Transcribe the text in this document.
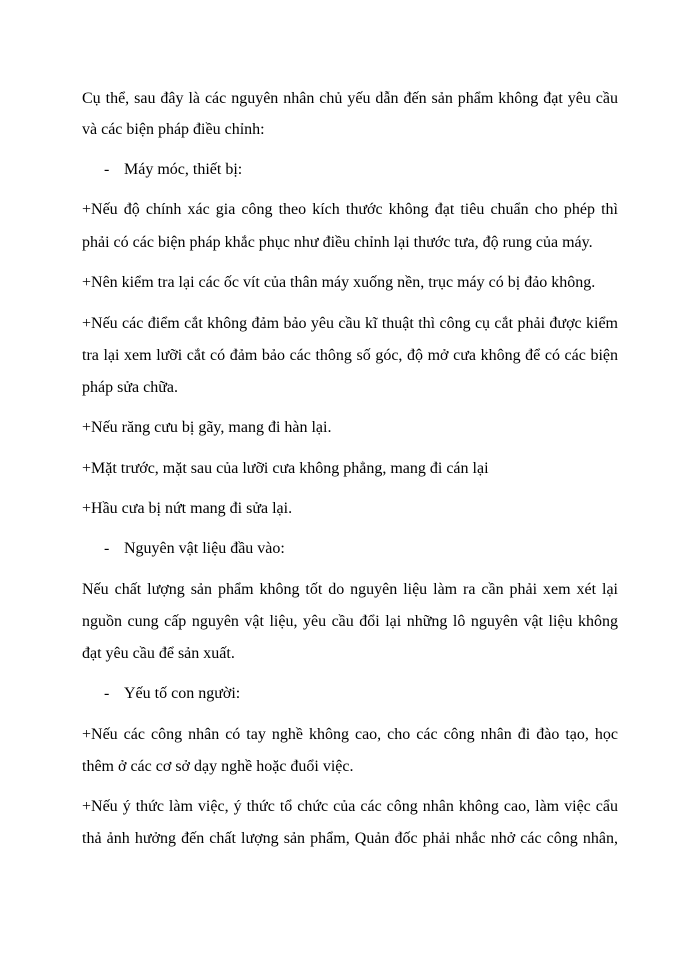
Cụ thể, sau đây là các nguyên nhân chủ yếu dẫn đến sản phẩm không đạt yêu cầu
và các biện pháp điều chỉnh:
- Máy móc, thiết bị:
+Nếu độ chính xác gia công theo kích thước không đạt tiêu chuẩn cho phép thì
phải có các biện pháp khắc phục như điều chỉnh lại thước tưa, độ rung của máy.
+Nên kiểm tra lại các ốc vít của thân máy xuống nền, trục máy có bị đảo không.
+Nếu các điểm cắt không đảm bảo yêu cầu kĩ thuật thì công cụ cắt phải được kiểm
tra lại xem lưỡi cắt có đảm bảo các thông số góc, độ mở cưa không để có các biện
pháp sửa chữa.
+Nếu răng cưu bị gãy, mang đi hàn lại.
+Mặt trước, mặt sau của lưỡi cưa không phẳng, mang đi cán lại
+Hầu cưa bị nứt mang đi sửa lại.
- Nguyên vật liệu đầu vào:
Nếu chất lượng sản phẩm không tốt do nguyên liệu làm ra cần phải xem xét lại
nguồn cung cấp nguyên vật liệu, yêu cầu đổi lại những lô nguyên vật liệu không
đạt yêu cầu để sản xuất.
- Yếu tố con người:
+Nếu các công nhân có tay nghề không cao, cho các công nhân đi đào tạo, học
thêm ở các cơ sở dạy nghề hoặc đuổi việc.
+Nếu ý thức làm việc, ý thức tổ chức của các công nhân không cao, làm việc cẩu
thả ảnh hưởng đến chất lượng sản phẩm, Quản đốc phải nhắc nhở các công nhân,
